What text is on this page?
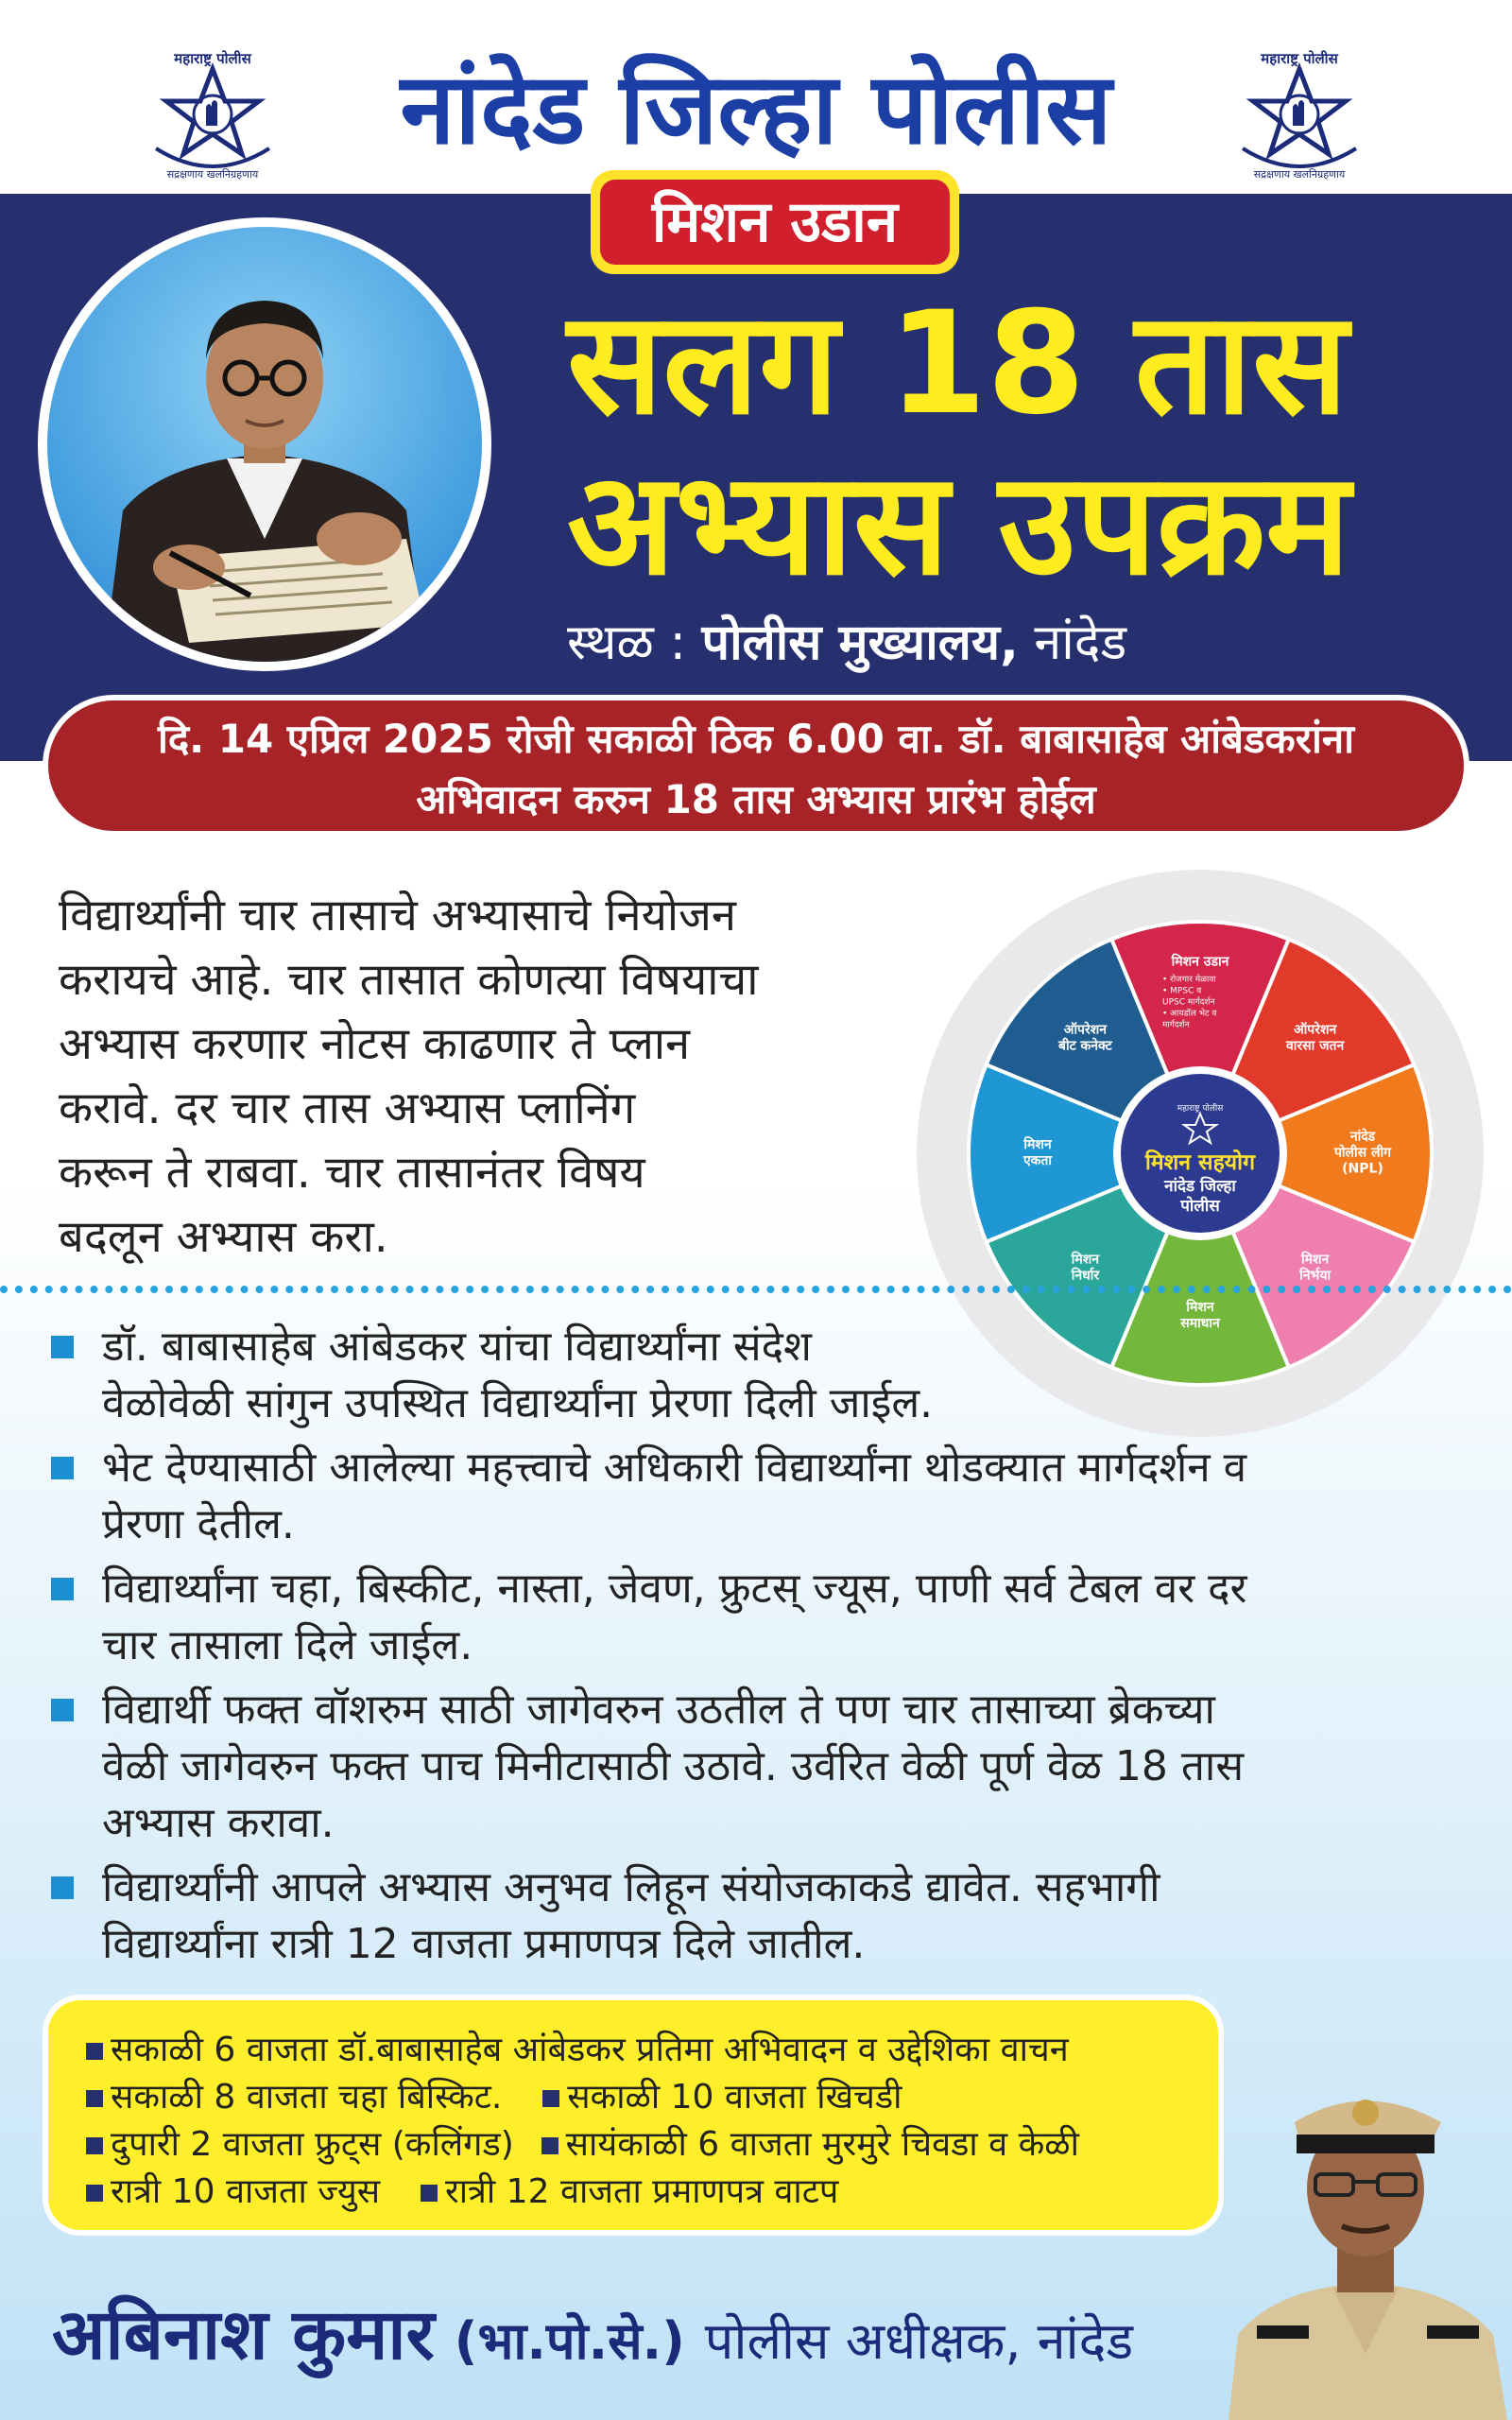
महाराष्ट्र पोलीस
सद्रक्षणाय खलनिग्रहणाय
नांदेड जिल्हा पोलीस	महाराष्ट्र पोलीस
सद्रक्षणाय खलनिग्रहणाय
मिशन उडान
सलग 18 तास
अभ्यास उपक्रम
स्थळ : पोलीस मुख्यालय, नांदेड
दि. 14 एप्रिल 2025 रोजी सकाळी ठिक 6.00 वा. डॉ. बाबासाहेब आंबेडकरांना
अभिवादन करुन 18 तास अभ्यास प्रारंभ होईल
विद्यार्थ्यांनी चार तासाचे अभ्यासाचे नियोजन
करायचे आहे. चार तासात कोणत्या विषयाचा
अभ्यास करणार नोटस काढणार ते प्लान
करावे. दर चार तास अभ्यास प्लानिंग
करून ते राबवा. चार तासानंतर विषय
बदलून अभ्यास करा.
मिशन उडान
• रोजगार मेळावा
• MPSC व
UPSC मार्गदर्शन
• आयडॉल भेट व
मार्गदर्शन	ऑपरेशन
वारसा जतन
नांदेड
पोलीस लीग
(NPL)
मिशन
निर्भया
मिशन
समाधान
मिशन
निर्धार
मिशन
एकता
ऑपरेशन
बीट कनेक्ट
महाराष्ट्र पोलीस
मिशन सहयोग
नांदेड जिल्हा
पोलीस
डॉ. बाबासाहेब आंबेडकर यांचा विद्यार्थ्यांना संदेश
वेळोवेळी सांगुन उपस्थित विद्यार्थ्यांना प्रेरणा दिली जाईल.
भेट देण्यासाठी आलेल्या महत्त्वाचे अधिकारी विद्यार्थ्यांना थोडक्यात मार्गदर्शन व
प्रेरणा देतील.
विद्यार्थ्यांना चहा, बिस्कीट, नास्ता, जेवण, फ्रुटस् ज्यूस, पाणी सर्व टेबल वर दर
चार तासाला दिले जाईल.
विद्यार्थी फक्त वॉशरुम साठी जागेवरुन उठतील ते पण चार तासाच्या ब्रेकच्या
वेळी जागेवरुन फक्त पाच मिनीटासाठी उठावे. उर्वरित वेळी पूर्ण वेळ 18 तास
अभ्यास करावा.
विद्यार्थ्यांनी आपले अभ्यास अनुभव लिहून संयोजकाकडे द्यावेत. सहभागी
विद्यार्थ्यांना रात्री 12 वाजता प्रमाणपत्र दिले जातील.
सकाळी 6 वाजता डॉ.बाबासाहेब आंबेडकर प्रतिमा अभिवादन व उद्देशिका वाचन
सकाळी 8 वाजता चहा बिस्किट. सकाळी 10 वाजता खिचडी
दुपारी 2 वाजता फ्रुट्स (कलिंगड) सायंकाळी 6 वाजता मुरमुरे चिवडा व केळी
रात्री 10 वाजता ज्युस रात्री 12 वाजता प्रमाणपत्र वाटप
अबिनाश कुमार (भा.पो.से.) पोलीस अधीक्षक, नांदेड
